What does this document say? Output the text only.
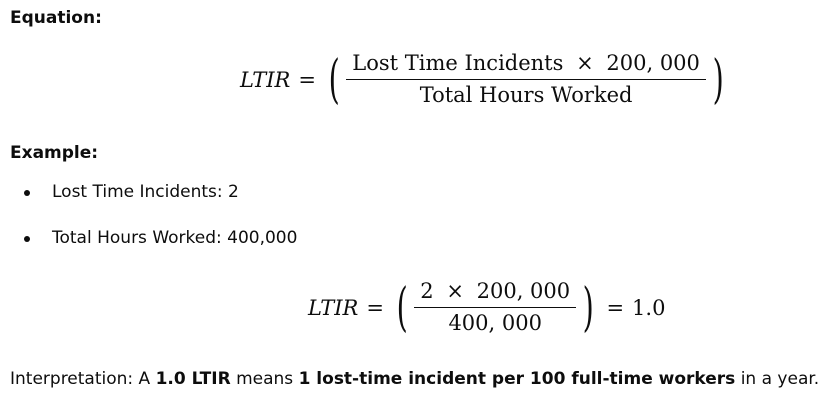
Equation:
LTIR = ( $\frac{\text{Lost Time Incidents × 200, 000}}{\text{Total Hours Worked}}$ )
Example:
Lost Time Incidents: 2
Total Hours Worked: 400,000
LTIR = ( $\frac{2 \times 200, 000}{400, 000}$ ) = 1.0
Interpretation: A 1.0 LTIR means 1 lost-time incident per 100 full-time workers in a year.
